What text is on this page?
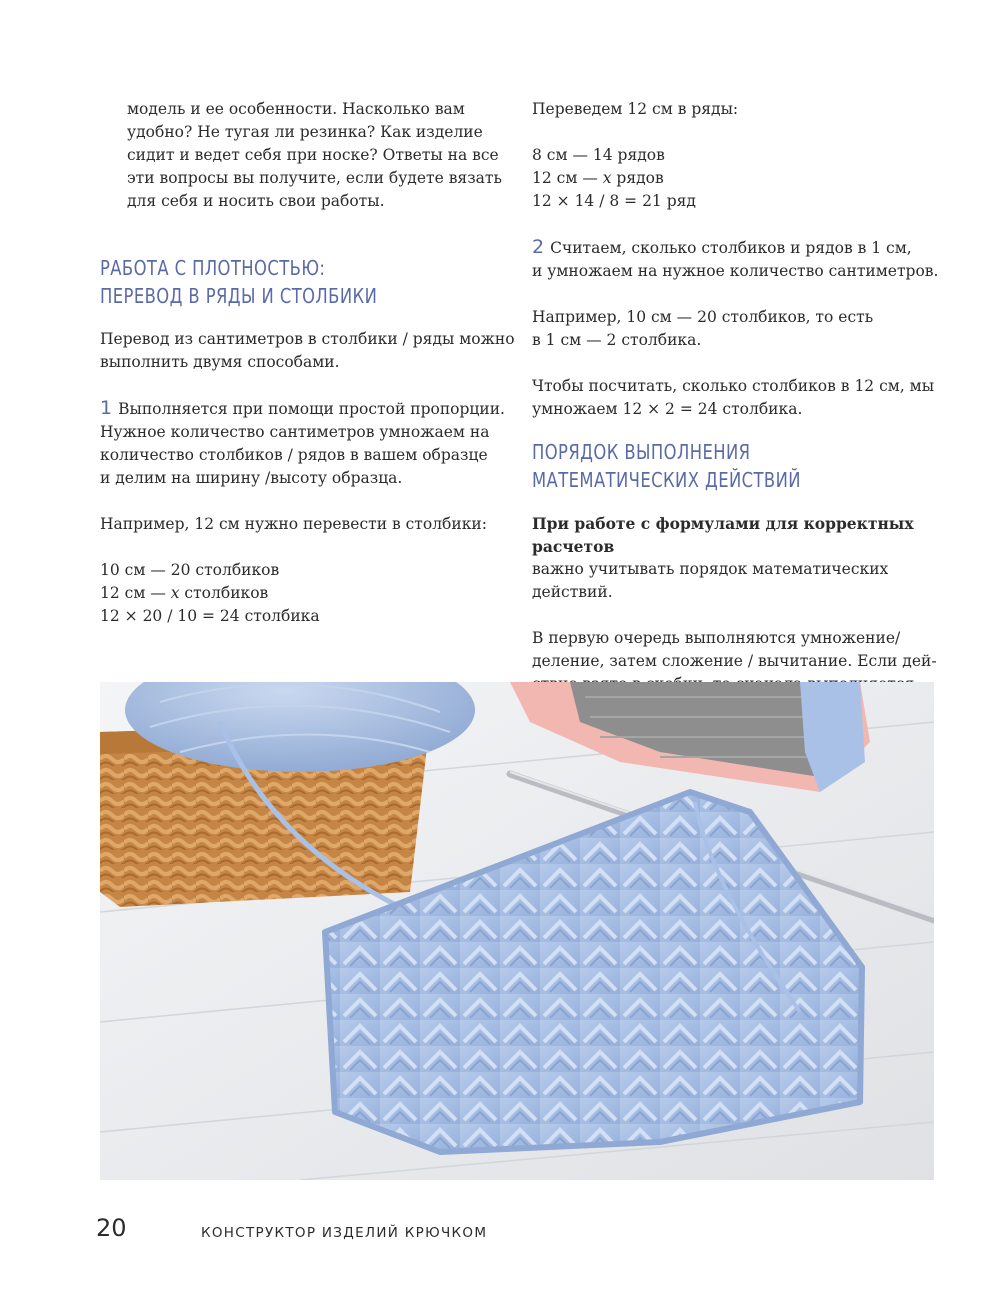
модель и ее особенности. Насколько вам

удобно? Не тугая ли резинка? Как изделие

сидит и ведет себя при носке? Ответы на все

эти вопросы вы получите, если будете вязать

для себя и носить свои работы.

РАБОТА С ПЛОТНОСТЬЮ:
ПЕРЕВОД В РЯДЫ И СТОЛБИКИ

Перевод из сантиметров в столбики / ряды можно

выполнить двумя способами.

1 Выполняется при помощи простой пропорции.

Нужное количество сантиметров умножаем на

количество столбиков / рядов в вашем образце

и делим на ширину /высоту образца.

Например, 12 см нужно перевести в столбики:

10 см — 20 столбиков

12 см — x столбиков

12 × 20 / 10 = 24 столбика

Переведем 12 см в ряды:

8 см — 14 рядов

12 см — x рядов

12 × 14 / 8 = 21 ряд

2 Считаем, сколько столбиков и рядов в 1 см,

и умножаем на нужное количество сантиметров.

Например, 10 см — 20 столбиков, то есть

в 1 см — 2 столбика.

Чтобы посчитать, сколько столбиков в 12 см, мы

умножаем 12 × 2 = 24 столбика.

ПОРЯДОК ВЫПОЛНЕНИЯ
МАТЕМАТИЧЕСКИХ ДЕЙСТВИЙ

При работе с формулами для корректных расчетов

важно учитывать порядок математических действий.

В первую очередь выполняются умножение/

деление, затем сложение / вычитание. Если дей-

20	КОНСТРУКТОР ИЗДЕЛИЙ КРЮЧКОМ
